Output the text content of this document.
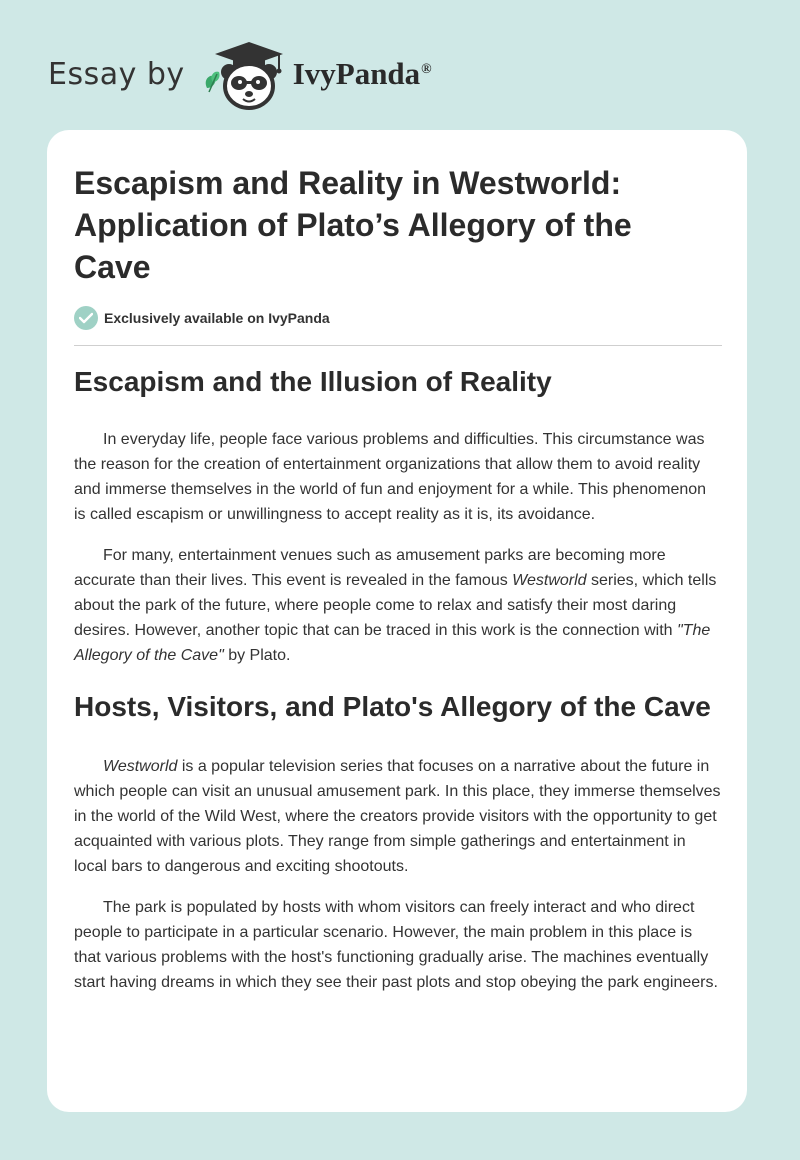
Essay by	IvyPanda®
Escapism and Reality in Westworld: Application of Plato’s Allegory of the Cave
Exclusively available on IvyPanda
Escapism and the Illusion of Reality

In everyday life, people face various problems and difficulties. This circumstance was the reason for the creation of entertainment organizations that allow them to avoid reality and immerse themselves in the world of fun and enjoyment for a while. This phenomenon is called escapism or unwillingness to accept reality as it is, its avoidance.

For many, entertainment venues such as amusement parks are becoming more accurate than their lives. This event is revealed in the famous Westworld series, which tells about the park of the future, where people come to relax and satisfy their most daring desires. However, another topic that can be traced in this work is the connection with "The Allegory of the Cave" by Plato.

Hosts, Visitors, and Plato's Allegory of the Cave

Westworld is a popular television series that focuses on a narrative about the future in which people can visit an unusual amusement park. In this place, they immerse themselves in the world of the Wild West, where the creators provide visitors with the opportunity to get acquainted with various plots. They range from simple gatherings and entertainment in local bars to dangerous and exciting shootouts.

The park is populated by hosts with whom visitors can freely interact and who direct people to participate in a particular scenario. However, the main problem in this place is that various problems with the host's functioning gradually arise. The machines eventually start having dreams in which they see their past plots and stop obeying the park engineers.
